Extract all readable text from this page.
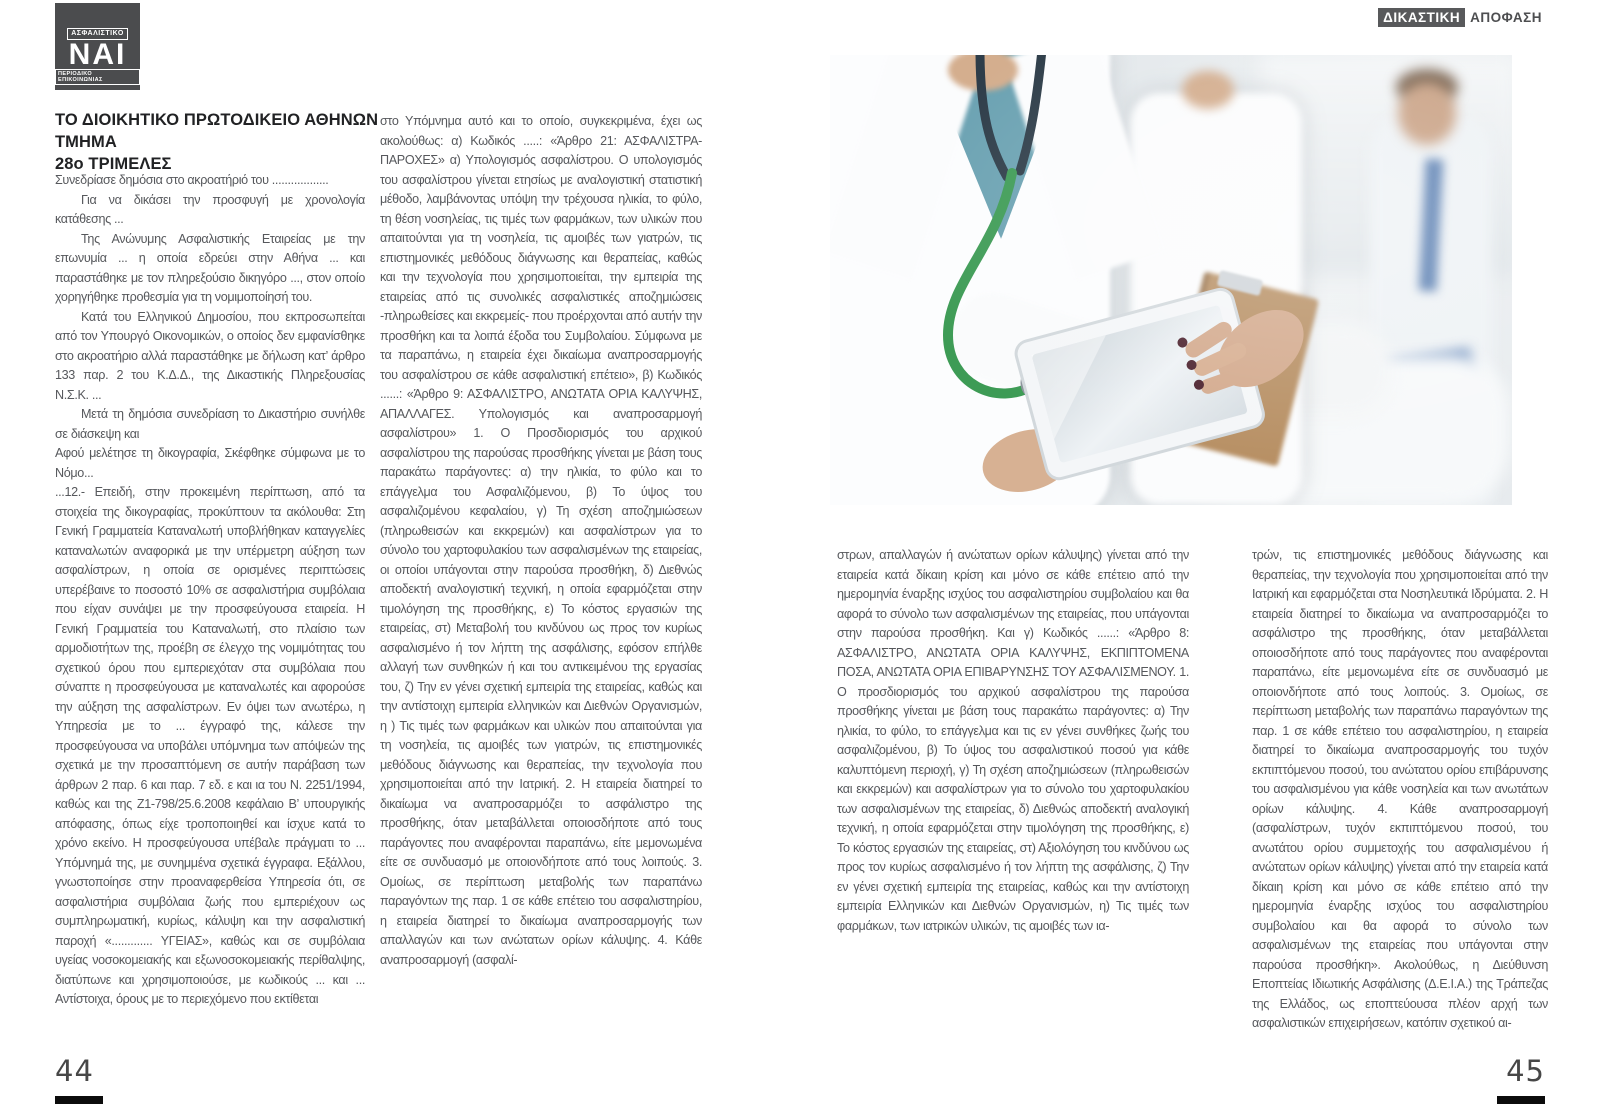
ΑΣΦΑΛΙΣΤΙΚΟ
ΝΑΙ
ΠΕΡΙΟΔΙΚΟ ΕΠΙΚΟΙΝΩΝΙΑΣ
ΔΙΚΑΣΤΙΚΗ ΑΠΟΦΑΣΗ
ΤΟ ΔΙΟΙΚΗΤΙΚΟ ΠΡΩΤΟΔΙΚΕΙΟ ΑΘΗΝΩΝ ΤΜΗΜΑ
28ο ΤΡΙΜΕΛΕΣ

Συνεδρίασε δημόσια στο ακροατήριό του ..................

Για να δικάσει την προσφυγή με χρονολογία κατάθεσης ...

Της Ανώνυμης Ασφαλιστικής Εταιρείας με την επωνυμία ... η οποία εδρεύει στην Αθήνα ... και παραστάθηκε με τον πληρεξούσιο δικηγόρο ..., στον οποίο χορηγήθηκε προθεσμία για τη νομιμοποίησή του.

Κατά του Ελληνικού Δημοσίου, που εκπροσωπείται από τον Υπουργό Οικονομικών, ο οποίος δεν εμφανίσθηκε στο ακροατήριο αλλά παραστάθηκε με δήλωση κατ’ άρθρο 133 παρ. 2 του Κ.Δ.Δ., της Δικαστικής Πληρεξουσίας Ν.Σ.Κ. ...

Μετά τη δημόσια συνεδρίαση το Δικαστήριο συνήλθε σε διάσκεψη και

Αφού μελέτησε τη δικογραφία, Σκέφθηκε σύμφωνα με το Νόμο...

...12.- Επειδή, στην προκειμένη περίπτωση, από τα στοιχεία της δικογραφίας, προκύπτουν τα ακόλουθα: Στη Γενική Γραμματεία Καταναλωτή υποβλήθηκαν καταγγελίες καταναλωτών αναφορικά με την υπέρμετρη αύξηση των ασφαλίστρων, η οποία σε ορισμένες περιπτώσεις υπερέβαινε το ποσοστό 10% σε ασφαλιστήρια συμβόλαια που είχαν συνάψει με την προσφεύγουσα εταιρεία. Η Γενική Γραμματεία του Καταναλωτή, στο πλαίσιο των αρμοδιοτήτων της, προέβη σε έλεγχο της νομιμότητας του σχετικού όρου που εμπεριεχόταν στα συμβόλαια που σύναπτε η προσφεύγουσα με καταναλωτές και αφορούσε την αύξηση της ασφαλίστρων. Εν όψει των ανωτέρω, η Υπηρεσία με το ... έγγραφό της, κάλεσε την προσφεύγουσα να υποβάλει υπόμνημα των απόψεών της σχετικά με την προσαπτόμενη σε αυτήν παράβαση των άρθρων 2 παρ. 6 και παρ. 7 εδ. ε και ια του Ν. 2251/1994, καθώς και της Ζ1-798/25.6.2008 κεφάλαιο Β’ υπουργικής απόφασης, όπως είχε τροποποιηθεί και ίσχυε κατά το χρόνο εκείνο. Η προσφεύγουσα υπέβαλε πράγματι το ... Υπόμνημά της, με συνημμένα σχετικά έγγραφα. Εξάλλου, γνωστοποίησε στην προαναφερθείσα Υπηρεσία ότι, σε ασφαλιστήρια συμβόλαια ζωής που εμπεριέχουν ως συμπληρωματική, κυρίως, κάλυψη και την ασφαλιστική παροχή «............. ΥΓΕΙΑΣ», καθώς και σε συμβόλαια υγείας νοσοκομειακής και εξωνοσοκομειακής περίθαλψης, διατύπωνε και χρησιμοποιούσε, με κωδικούς ... και ... Αντίστοιχα, όρους με το περιεχόμενο που εκτίθεται

στο Υπόμνημα αυτό και το οποίο, συγκεκριμένα, έχει ως ακολούθως: α) Κωδικός .....: «Άρθρο 21: ΑΣΦΑΛΙΣΤΡΑ-ΠΑΡΟΧΕΣ» α) Υπολογισμός ασφαλίστρου. Ο υπολογισμός του ασφαλίστρου γίνεται ετησίως με αναλογιστική στατιστική μέθοδο, λαμβάνοντας υπόψη την τρέχουσα ηλικία, το φύλο, τη θέση νοσηλείας, τις τιμές των φαρμάκων, των υλικών που απαιτούνται για τη νοσηλεία, τις αμοιβές των γιατρών, τις επιστημονικές μεθόδους διάγνωσης και θεραπείας, καθώς και την τεχνολογία που χρησιμοποιείται, την εμπειρία της εταιρείας από τις συνολικές ασφαλιστικές αποζημιώσεις -πληρωθείσες και εκκρεμείς- που προέρχονται από αυτήν την προσθήκη και τα λοιπά έξοδα του Συμβολαίου. Σύμφωνα με τα παραπάνω, η εταιρεία έχει δικαίωμα αναπροσαρμογής του ασφαλίστρου σε κάθε ασφαλιστική επέτειο», β) Κωδικός ......: «Άρθρο 9: ΑΣΦΑΛΙΣΤΡΟ, ΑΝΩΤΑΤΑ ΟΡΙΑ ΚΑΛΥΨΗΣ, ΑΠΑΛΛΑΓΕΣ. Υπολογισμός και αναπροσαρμογή ασφαλίστρου» 1. Ο Προσδιορισμός του αρχικού ασφαλίστρου της παρούσας προσθήκης γίνεται με βάση τους παρακάτω παράγοντες: α) την ηλικία, το φύλο και το επάγγελμα του Ασφαλιζόμενου, β) Το ύψος του ασφαλιζομένου κεφαλαίου, γ) Τη σχέση αποζημιώσεων (πληρωθεισών και εκκρεμών) και ασφαλίστρων για το σύνολο του χαρτοφυλακίου των ασφαλισμένων της εταιρείας, οι οποίοι υπάγονται στην παρούσα προσθήκη, δ) Διεθνώς αποδεκτή αναλογιστική τεχνική, η οποία εφαρμόζεται στην τιμολόγηση της προσθήκης, ε) Το κόστος εργασιών της εταιρείας, στ) Μεταβολή του κινδύνου ως προς τον κυρίως ασφαλισμένο ή τον λήπτη της ασφάλισης, εφόσον επήλθε αλλαγή των συνθηκών ή και του αντικειμένου της εργασίας του, ζ) Την εν γένει σχετική εμπειρία της εταιρείας, καθώς και την αντίστοιχη εμπειρία ελληνικών και Διεθνών Οργανισμών, η ) Τις τιμές των φαρμάκων και υλικών που απαιτούνται για τη νοσηλεία, τις αμοιβές των γιατρών, τις επιστημονικές μεθόδους διάγνωσης και θεραπείας, την τεχνολογία που χρησιμοποιείται από την Ιατρική. 2. Η εταιρεία διατηρεί το δικαίωμα να αναπροσαρμόζει το ασφάλιστρο της προσθήκης, όταν μεταβάλλεται οποιοσδήποτε από τους παράγοντες που αναφέρονται παραπάνω, είτε μεμονωμένα είτε σε συνδυασμό με οποιονδήποτε από τους λοιπούς. 3. Ομοίως, σε περίπτωση μεταβολής των παραπάνω παραγόντων της παρ. 1 σε κάθε επέτειο του ασφαλιστηρίου, η εταιρεία διατηρεί το δικαίωμα αναπροσαρμογής των απαλλαγών και των ανώτατων ορίων κάλυψης. 4. Κάθε αναπροσαρμογή (ασφαλί-
στρων, απαλλαγών ή ανώτατων ορίων κάλυψης) γίνεται από την εταιρεία κατά δίκαιη κρίση και μόνο σε κάθε επέτειο από την ημερομηνία έναρξης ισχύος του ασφαλιστηρίου συμβολαίου και θα αφορά το σύνολο των ασφαλισμένων της εταιρείας, που υπάγονται στην παρούσα προσθήκη. Και γ) Κωδικός ......: «Άρθρο 8: ΑΣΦΑΛΙΣΤΡΟ, ΑΝΩΤΑΤΑ ΟΡΙΑ ΚΑΛΥΨΗΣ, ΕΚΠΙΠΤΟΜΕΝΑ ΠΟΣΑ, ΑΝΩΤΑΤΑ ΟΡΙΑ ΕΠΙΒΑΡΥΝΣΗΣ ΤΟΥ ΑΣΦΑΛΙΣΜΕΝΟΥ. 1. Ο προσδιορισμός του αρχικού ασφαλίστρου της παρούσα προσθήκης γίνεται με βάση τους παρακάτω παράγοντες: α) Την ηλικία, το φύλο, το επάγγελμα και τις εν γένει συνθήκες ζωής του ασφαλιζομένου, β) Το ύψος του ασφαλιστικού ποσού για κάθε καλυπτόμενη περιοχή, γ) Τη σχέση αποζημιώσεων (πληρωθεισών και εκκρεμών) και ασφαλίστρων για το σύνολο του χαρτοφυλακίου των ασφαλισμένων της εταιρείας, δ) Διεθνώς αποδεκτή αναλογική τεχνική, η οποία εφαρμόζεται στην τιμολόγηση της προσθήκης, ε) Το κόστος εργασιών της εταιρείας, στ) Αξιολόγηση του κινδύνου ως προς τον κυρίως ασφαλισμένο ή τον λήπτη της ασφάλισης, ζ) Την εν γένει σχετική εμπειρία της εταιρείας, καθώς και την αντίστοιχη εμπειρία Ελληνικών και Διεθνών Οργανισμών, η) Τις τιμές των φαρμάκων, των ιατρικών υλικών, τις αμοιβές των ια-
τρών, τις επιστημονικές μεθόδους διάγνωσης και θεραπείας, την τεχνολογία που χρησιμοποιείται από την Ιατρική και εφαρμόζεται στα Νοσηλευτικά Ιδρύματα. 2. Η εταιρεία διατηρεί το δικαίωμα να αναπροσαρμόζει το ασφάλιστρο της προσθήκης, όταν μεταβάλλεται οποιοσδήποτε από τους παράγοντες που αναφέρονται παραπάνω, είτε μεμονωμένα είτε σε συνδυασμό με οποιονδήποτε από τους λοιπούς. 3. Ομοίως, σε περίπτωση μεταβολής των παραπάνω παραγόντων της παρ. 1 σε κάθε επέτειο του ασφαλιστηρίου, η εταιρεία διατηρεί το δικαίωμα αναπροσαρμογής του τυχόν εκπιπτόμενου ποσού, του ανώτατου ορίου επιβάρυνσης του ασφαλισμένου για κάθε νοσηλεία και των ανωτάτων ορίων κάλυψης. 4. Κάθε αναπροσαρμογή (ασφαλίστρων, τυχόν εκπιπτόμενου ποσού, του ανωτάτου ορίου συμμετοχής του ασφαλισμένου ή ανώτατων ορίων κάλυψης) γίνεται από την εταιρεία κατά δίκαιη κρίση και μόνο σε κάθε επέτειο από την ημερομηνία έναρξης ισχύος του ασφαλιστηρίου συμβολαίου και θα αφορά το σύνολο των ασφαλισμένων της εταιρείας που υπάγονται στην παρούσα προσθήκη». Ακολούθως, η Διεύθυνση Εποπτείας Ιδιωτικής Ασφάλισης (Δ.Ε.Ι.Α.) της Τράπεζας της Ελλάδος, ως εποπτεύουσα πλέον αρχή των ασφαλιστικών επιχειρήσεων, κατόπιν σχετικού αι-
44	45
